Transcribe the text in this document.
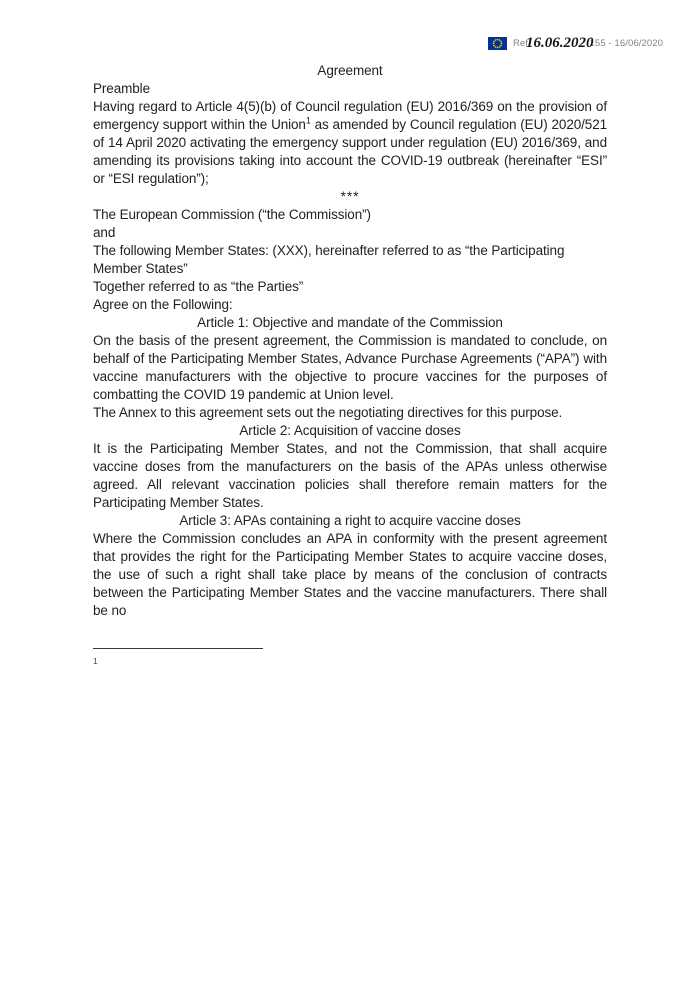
Ref
16.06.2020
155 - 16/06/2020
Agreement
Preamble

Having regard to Article 4(5)(b) of Council regulation (EU) 2016/369 on the provision of emergency support within the Union$^1$ as amended by Council regulation (EU) 2020/521 of 14 April 2020 activating the emergency support under regulation (EU) 2016/369, and amending its provisions taking into account the COVID-19 outbreak (hereinafter “ESI” or “ESI regulation”);

***

The European Commission (“the Commission”)

and

The following Member States: (XXX), hereinafter referred to as “the Participating Member States”

Together referred to as “the Parties”

Agree on the Following:

Article 1: Objective and mandate of the Commission

On the basis of the present agreement, the Commission is mandated to conclude, on behalf of the Participating Member States, Advance Purchase Agreements (“APA”) with vaccine manufacturers with the objective to procure vaccines for the purposes of combatting the COVID 19 pandemic at Union level.

The Annex to this agreement sets out the negotiating directives for this purpose.

Article 2: Acquisition of vaccine doses

It is the Participating Member States, and not the Commission, that shall acquire vaccine doses from the manufacturers on the basis of the APAs unless otherwise agreed. All relevant vaccination policies shall therefore remain matters for the Participating Member States.

Article 3: APAs containing a right to acquire vaccine doses

Where the Commission concludes an APA in conformity with the present agreement that provides the right for the Participating Member States to acquire vaccine doses, the use of such a right shall take place by means of the conclusion of contracts between the Participating Member States and the vaccine manufacturers. There shall be no

1
